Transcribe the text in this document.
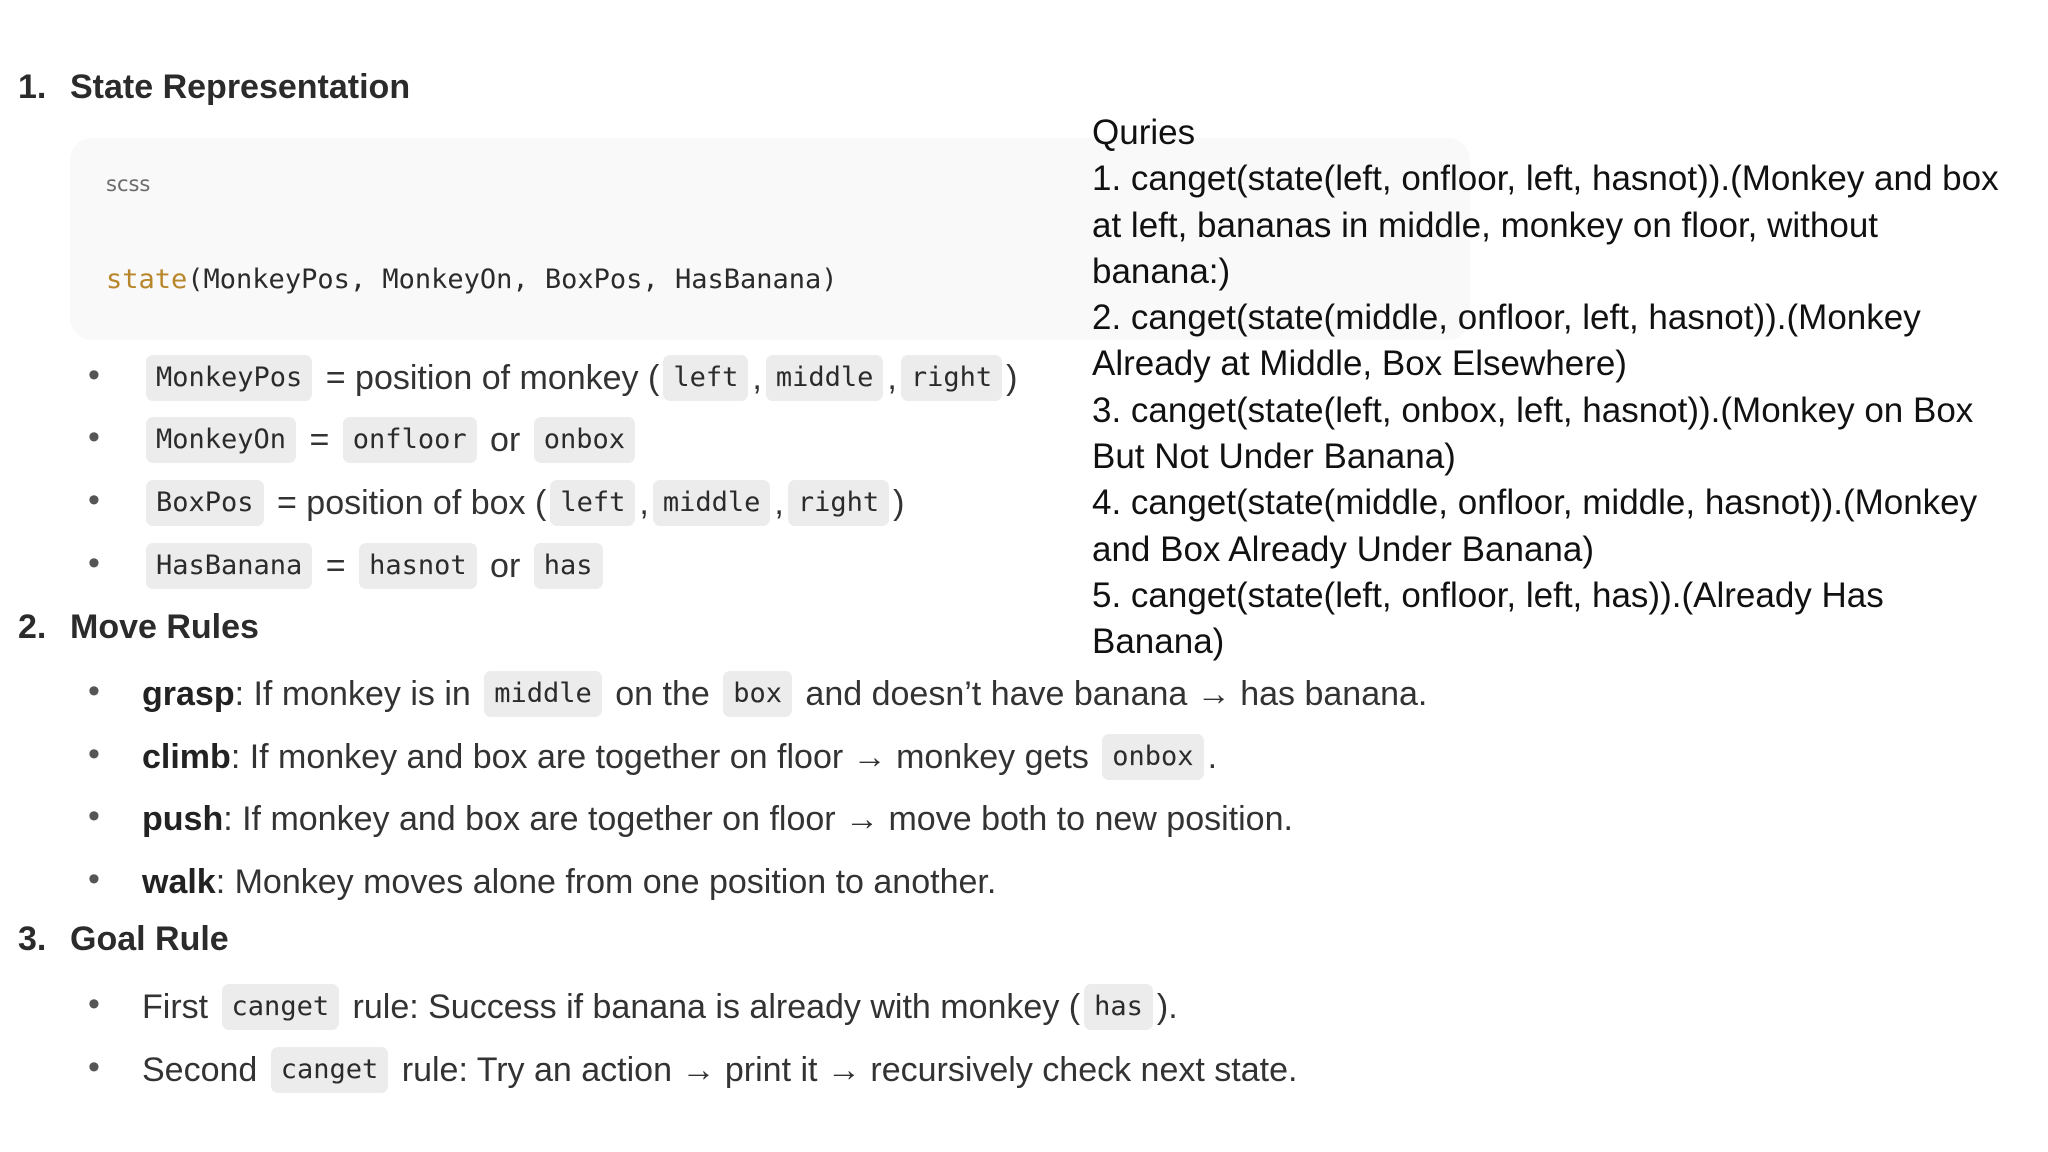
1. State Representation
scss
state(MonkeyPos, MonkeyOn, BoxPos, HasBanana)
•	MonkeyPos = position of monkey ( left , middle , right )
•	MonkeyOn = onfloor or onbox
•	BoxPos = position of box ( left , middle , right )
•	HasBanana = hasnot or has
2. Move Rules
• grasp : If monkey is in middle on the box and doesn’t have banana → has banana.
• climb : If monkey and box are together on floor → monkey gets onbox .
• push : If monkey and box are together on floor → move both to new position.
• walk : Monkey moves alone from one position to another.
3. Goal Rule
• First canget rule: Success if banana is already with monkey ( has ).
• Second canget rule: Try an action → print it → recursively check next state.
Quries
1. canget(state(left, onfloor, left, hasnot)).(Monkey and box
at left, bananas in middle, monkey on floor, without
banana:)
2. canget(state(middle, onfloor, left, hasnot)).(Monkey
Already at Middle, Box Elsewhere)
3. canget(state(left, onbox, left, hasnot)).(Monkey on Box
But Not Under Banana)
4. canget(state(middle, onfloor, middle, hasnot)).(Monkey
and Box Already Under Banana)
5. canget(state(left, onfloor, left, has)).(Already Has
Banana)
